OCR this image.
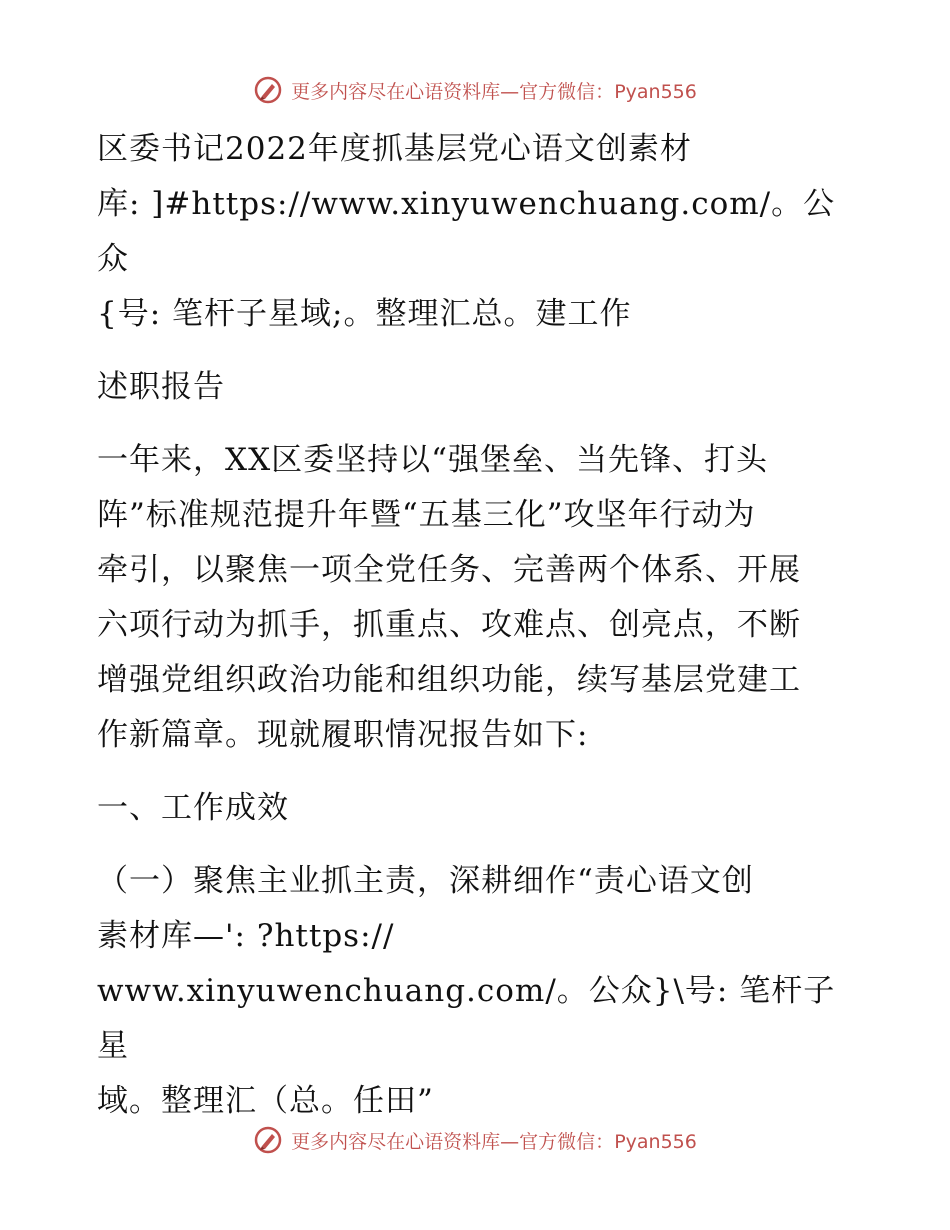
更多内容尽在心语资料库—官方微信：Pyan556

区委书记2022年度抓基层党心语文创素材

库: ]#https://www.xinyuwenchuang.com/。公众

{号: 笔杆子星域;。整理汇总。建工作

述职报告

一年来，XX区委坚持以“强堡垒、当先锋、打头

阵”标准规范提升年暨“五基三化”攻坚年行动为

牵引，以聚焦一项全党任务、完善两个体系、开展

六项行动为抓手，抓重点、攻难点、创亮点，不断

增强党组织政治功能和组织功能，续写基层党建工

作新篇章。现就履职情况报告如下:

一、工作成效

（一）聚焦主业抓主责，深耕细作“责心语文创

素材库—': ?https://

www.xinyuwenchuang.com/。公众}\号: 笔杆子星

域。整理汇（总。任田”

更多内容尽在心语资料库—官方微信：Pyan556
